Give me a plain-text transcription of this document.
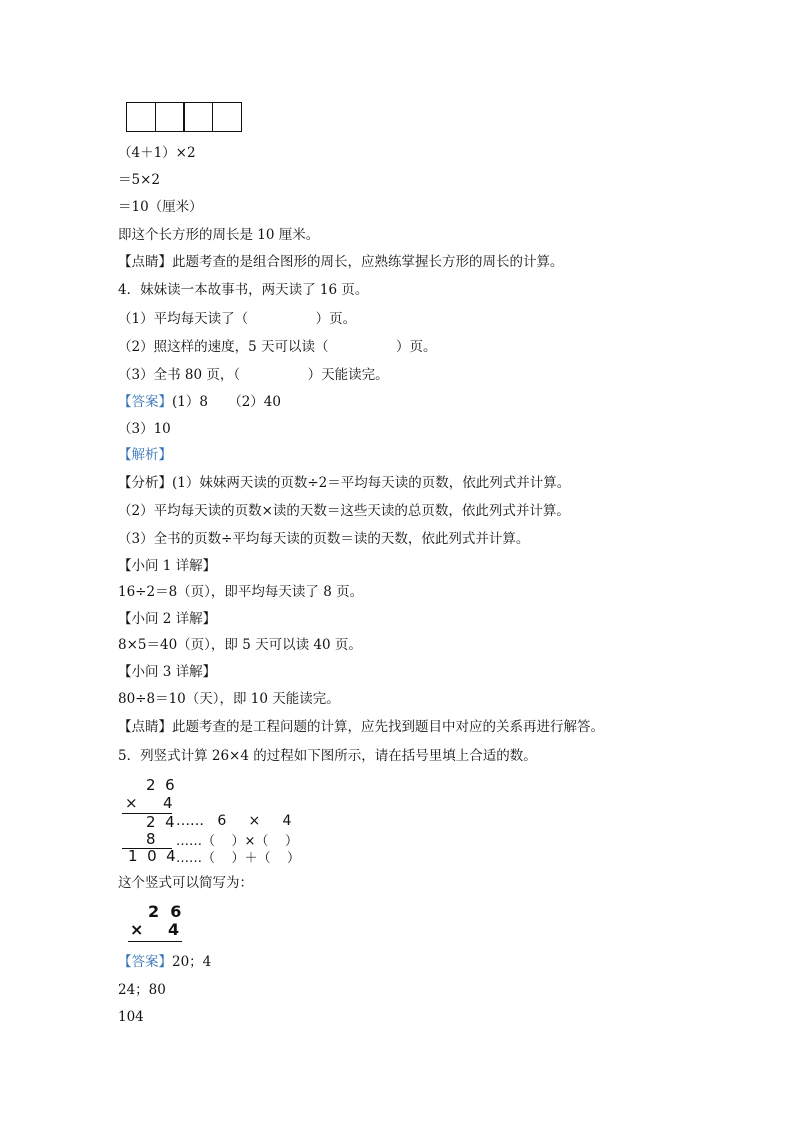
（4＋1）×2
＝5×2
＝10（厘米）
即这个长方形的周长是 10 厘米。
【点睛】此题考查的是组合图形的周长，应熟练掌握长方形的周长的计算。
4．妹妹读一本故事书，两天读了 16 页。
（1）平均每天读了（　　　　　）页。
（2）照这样的速度，5 天可以读（　　　　　）页。
（3）全书 80 页，（　　　　　）天能读完。
【答案】(1）8　　（2）40
（3）10
【解析】
【分析】(1）妹妹两天读的页数÷2＝平均每天读的页数，依此列式并计算。
（2）平均每天读的页数×读的天数＝这些天读的总页数，依此列式并计算。
（3）全书的页数÷平均每天读的页数＝读的天数，依此列式并计算。
【小问 1 详解】
16÷2＝8（页），即平均每天读了 8 页。
【小问 2 详解】
8×5＝40（页），即 5 天可以读 40 页。
【小问 3 详解】
80÷8＝10（天），即 10 天能读完。
【点睛】此题考查的是工程问题的计算，应先找到题目中对应的关系再进行解答。
5．列竖式计算 26×4 的过程如下图所示，请在括号里填上合适的数。
2  6
× 4
2  4 ……   6     ×     4
8 ……（    ）×（    ）
1  0  4 ……（    ）＋（    ）
这个竖式可以简写为：
2  6
× 4
【答案】20；4
24；80
104
